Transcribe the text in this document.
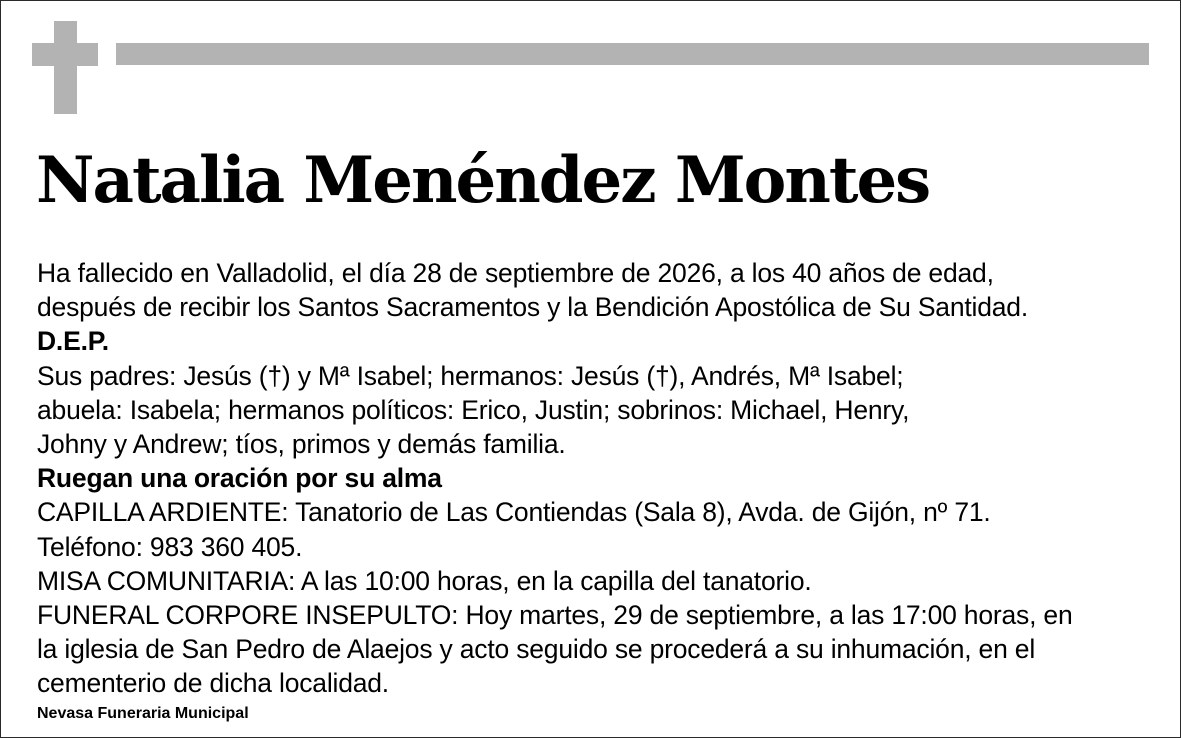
Natalia Menéndez Montes

Ha fallecido en Valladolid, el día 28 de septiembre de 2026, a los 40 años de edad,

después de recibir los Santos Sacramentos y la Bendición Apostólica de Su Santidad.

D.E.P.

Sus padres: Jesús (†) y Mª Isabel; hermanos: Jesús (†), Andrés, Mª Isabel;

abuela: Isabela; hermanos políticos: Erico, Justin; sobrinos: Michael, Henry,

Johny y Andrew; tíos, primos y demás familia.

Ruegan una oración por su alma

CAPILLA ARDIENTE: Tanatorio de Las Contiendas (Sala 8), Avda. de Gijón, nº 71.

Teléfono: 983 360 405.

MISA COMUNITARIA: A las 10:00 horas, en la capilla del tanatorio.

FUNERAL CORPORE INSEPULTO: Hoy martes, 29 de septiembre, a las 17:00 horas, en

la iglesia de San Pedro de Alaejos y acto seguido se procederá a su inhumación, en el

cementerio de dicha localidad.

Nevasa Funeraria Municipal
